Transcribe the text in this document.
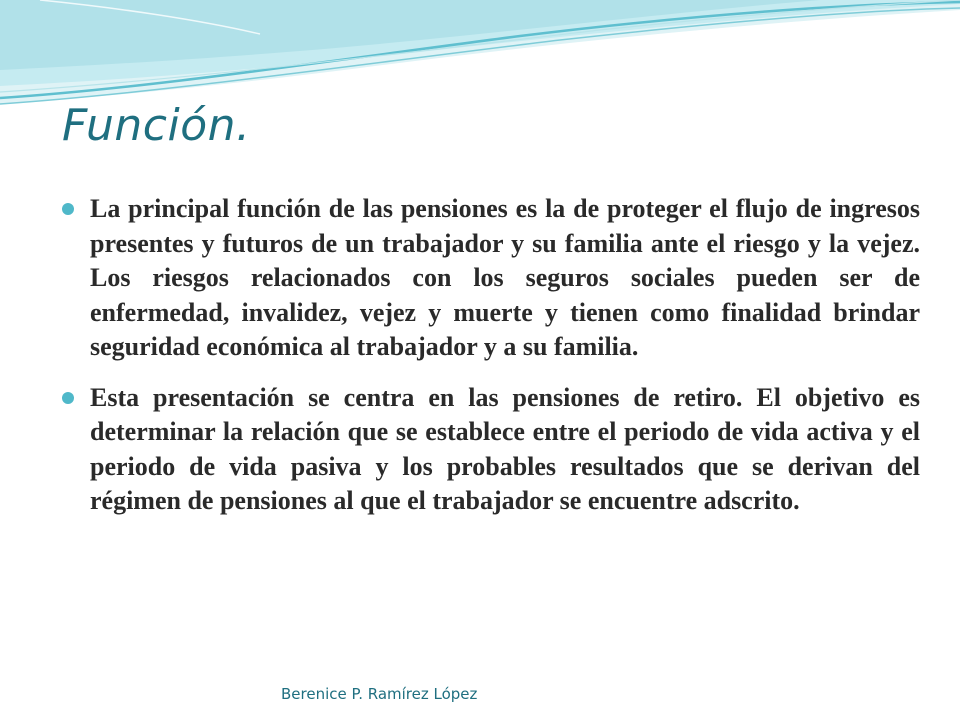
Función.
La principal función de las pensiones es la de proteger el flujo de ingresos presentes y futuros de un trabajador y su familia ante el riesgo y la vejez. Los riesgos relacionados con los seguros sociales pueden ser de enfermedad, invalidez, vejez y muerte y tienen como finalidad brindar seguridad económica al trabajador y a su familia.
Esta presentación se centra en las pensiones de retiro. El objetivo es determinar la relación que se establece entre el periodo de vida activa y el periodo de vida pasiva y los probables resultados que se derivan del régimen de pensiones al que el trabajador se encuentre adscrito.
Berenice P. Ramírez López
